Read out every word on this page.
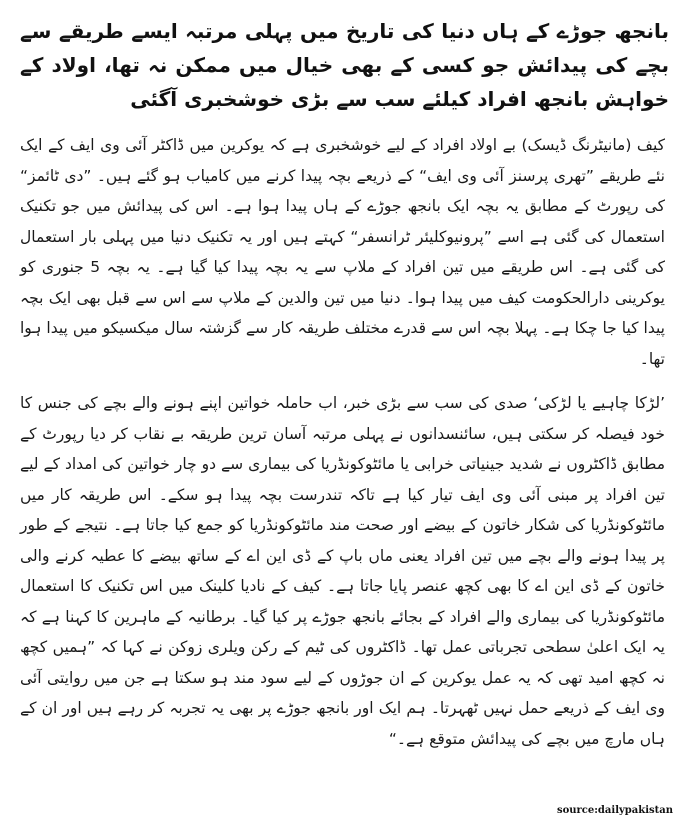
بانجھ جوڑے کے ہاں دنیا کی تاریخ میں پہلی مرتبہ ایسے طریقے سے بچے کی پیدائش جو کسی کے بھی خیال میں ممکن نہ تھا، اولاد کے خواہش بانجھ افراد کیلئے سب سے بڑی خوشخبری آگئی

کیف (مانیٹرنگ ڈیسک) بے اولاد افراد کے لیے خوشخبری ہے کہ یوکرین میں ڈاکٹر آئی وی ایف کے ایک نئے طریقے ”تھری پرسنز آئی وی ایف“ کے ذریعے بچہ پیدا کرنے میں کامیاب ہو گئے ہیں۔ ”دی ٹائمز“ کی رپورٹ کے مطابق یہ بچہ ایک بانجھ جوڑے کے ہاں پیدا ہوا ہے۔ اس کی پیدائش میں جو تکنیک استعمال کی گئی ہے اسے ”پرونیوکلیئر ٹرانسفر“ کہتے ہیں اور یہ تکنیک دنیا میں پہلی بار استعمال کی گئی ہے۔ اس طریقے میں تین افراد کے ملاپ سے یہ بچہ پیدا کیا گیا ہے۔ یہ بچہ 5 جنوری کو یوکرینی دارالحکومت کیف میں پیدا ہوا۔ دنیا میں تین والدین کے ملاپ سے اس سے قبل بھی ایک بچہ پیدا کیا جا چکا ہے۔ پہلا بچہ اس سے قدرے مختلف طریقہ کار سے گزشتہ سال میکسیکو میں پیدا ہوا تھا۔

’لڑکا چاہیے یا لڑکی‘ صدی کی سب سے بڑی خبر، اب حاملہ خواتین اپنے ہونے والے بچے کی جنس کا خود فیصلہ کر سکتی ہیں، سائنسدانوں نے پہلی مرتبہ آسان ترین طریقہ بے نقاب کر دیا رپورٹ کے مطابق ڈاکٹروں نے شدید جینیاتی خرابی یا مائٹوکونڈریا کی بیماری سے دو چار خواتین کی امداد کے لیے تین افراد پر مبنی آئی وی ایف تیار کیا ہے تاکہ تندرست بچہ پیدا ہو سکے۔ اس طریقہ کار میں مائٹوکونڈریا کی شکار خاتون کے بیضے اور صحت مند مائٹوکونڈریا کو جمع کیا جاتا ہے۔ نتیجے کے طور پر پیدا ہونے والے بچے میں تین افراد یعنی ماں باپ کے ڈی این اے کے ساتھ بیضے کا عطیہ کرنے والی خاتون کے ڈی این اے کا بھی کچھ عنصر پایا جاتا ہے۔ کیف کے نادیا کلینک میں اس تکنیک کا استعمال مائٹوکونڈریا کی بیماری والے افراد کے بجائے بانجھ جوڑے پر کیا گیا۔ برطانیہ کے ماہرین کا کہنا ہے کہ یہ ایک اعلیٰ سطحی تجرباتی عمل تھا۔ ڈاکٹروں کی ٹیم کے رکن ویلری زوکن نے کہا کہ ”ہمیں کچھ نہ کچھ امید تھی کہ یہ عمل یوکرین کے ان جوڑوں کے لیے سود مند ہو سکتا ہے جن میں روایتی آئی وی ایف کے ذریعے حمل نہیں ٹھہرتا۔ ہم ایک اور بانجھ جوڑے پر بھی یہ تجربہ کر رہے ہیں اور ان کے ہاں مارچ میں بچے کی پیدائش متوقع ہے۔“

source:dailypakistan
